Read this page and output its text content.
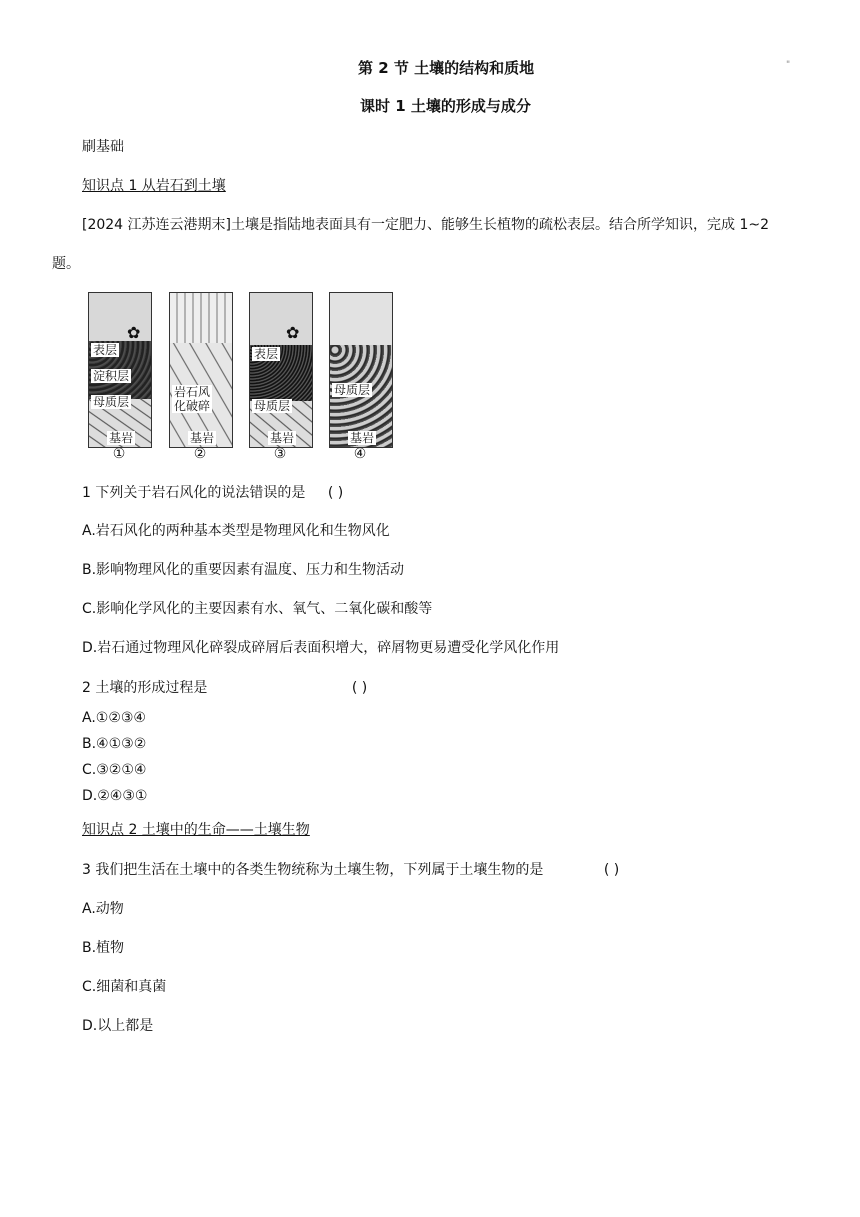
第 2 节 土壤的结构和质地	"
课时 1 土壤的形成与成分
刷基础
知识点 1 从岩石到土壤
[2024 江苏连云港期末]土壤是指陆地表面具有一定肥力、能够生长植物的疏松表层。结合所学知识，完成 1~2
题。
✿
表层
淀积层
母质层
基岩
①
岩石风
化破碎
基岩
②
✿
表层
母质层
基岩
③
母质层
基岩
④
1 下列关于岩石风化的说法错误的是 ( )
A.岩石风化的两种基本类型是物理风化和生物风化
B.影响物理风化的重要因素有温度、压力和生物活动
C.影响化学风化的主要因素有水、氧气、二氧化碳和酸等
D.岩石通过物理风化碎裂成碎屑后表面积增大，碎屑物更易遭受化学风化作用
2 土壤的形成过程是	( )
A.①②③④
B.④①③②
C.③②①④
D.②④③①
知识点 2 土壤中的生命——土壤生物
3 我们把生活在土壤中的各类生物统称为土壤生物，下列属于土壤生物的是	( )
A.动物
B.植物
C.细菌和真菌
D.以上都是
